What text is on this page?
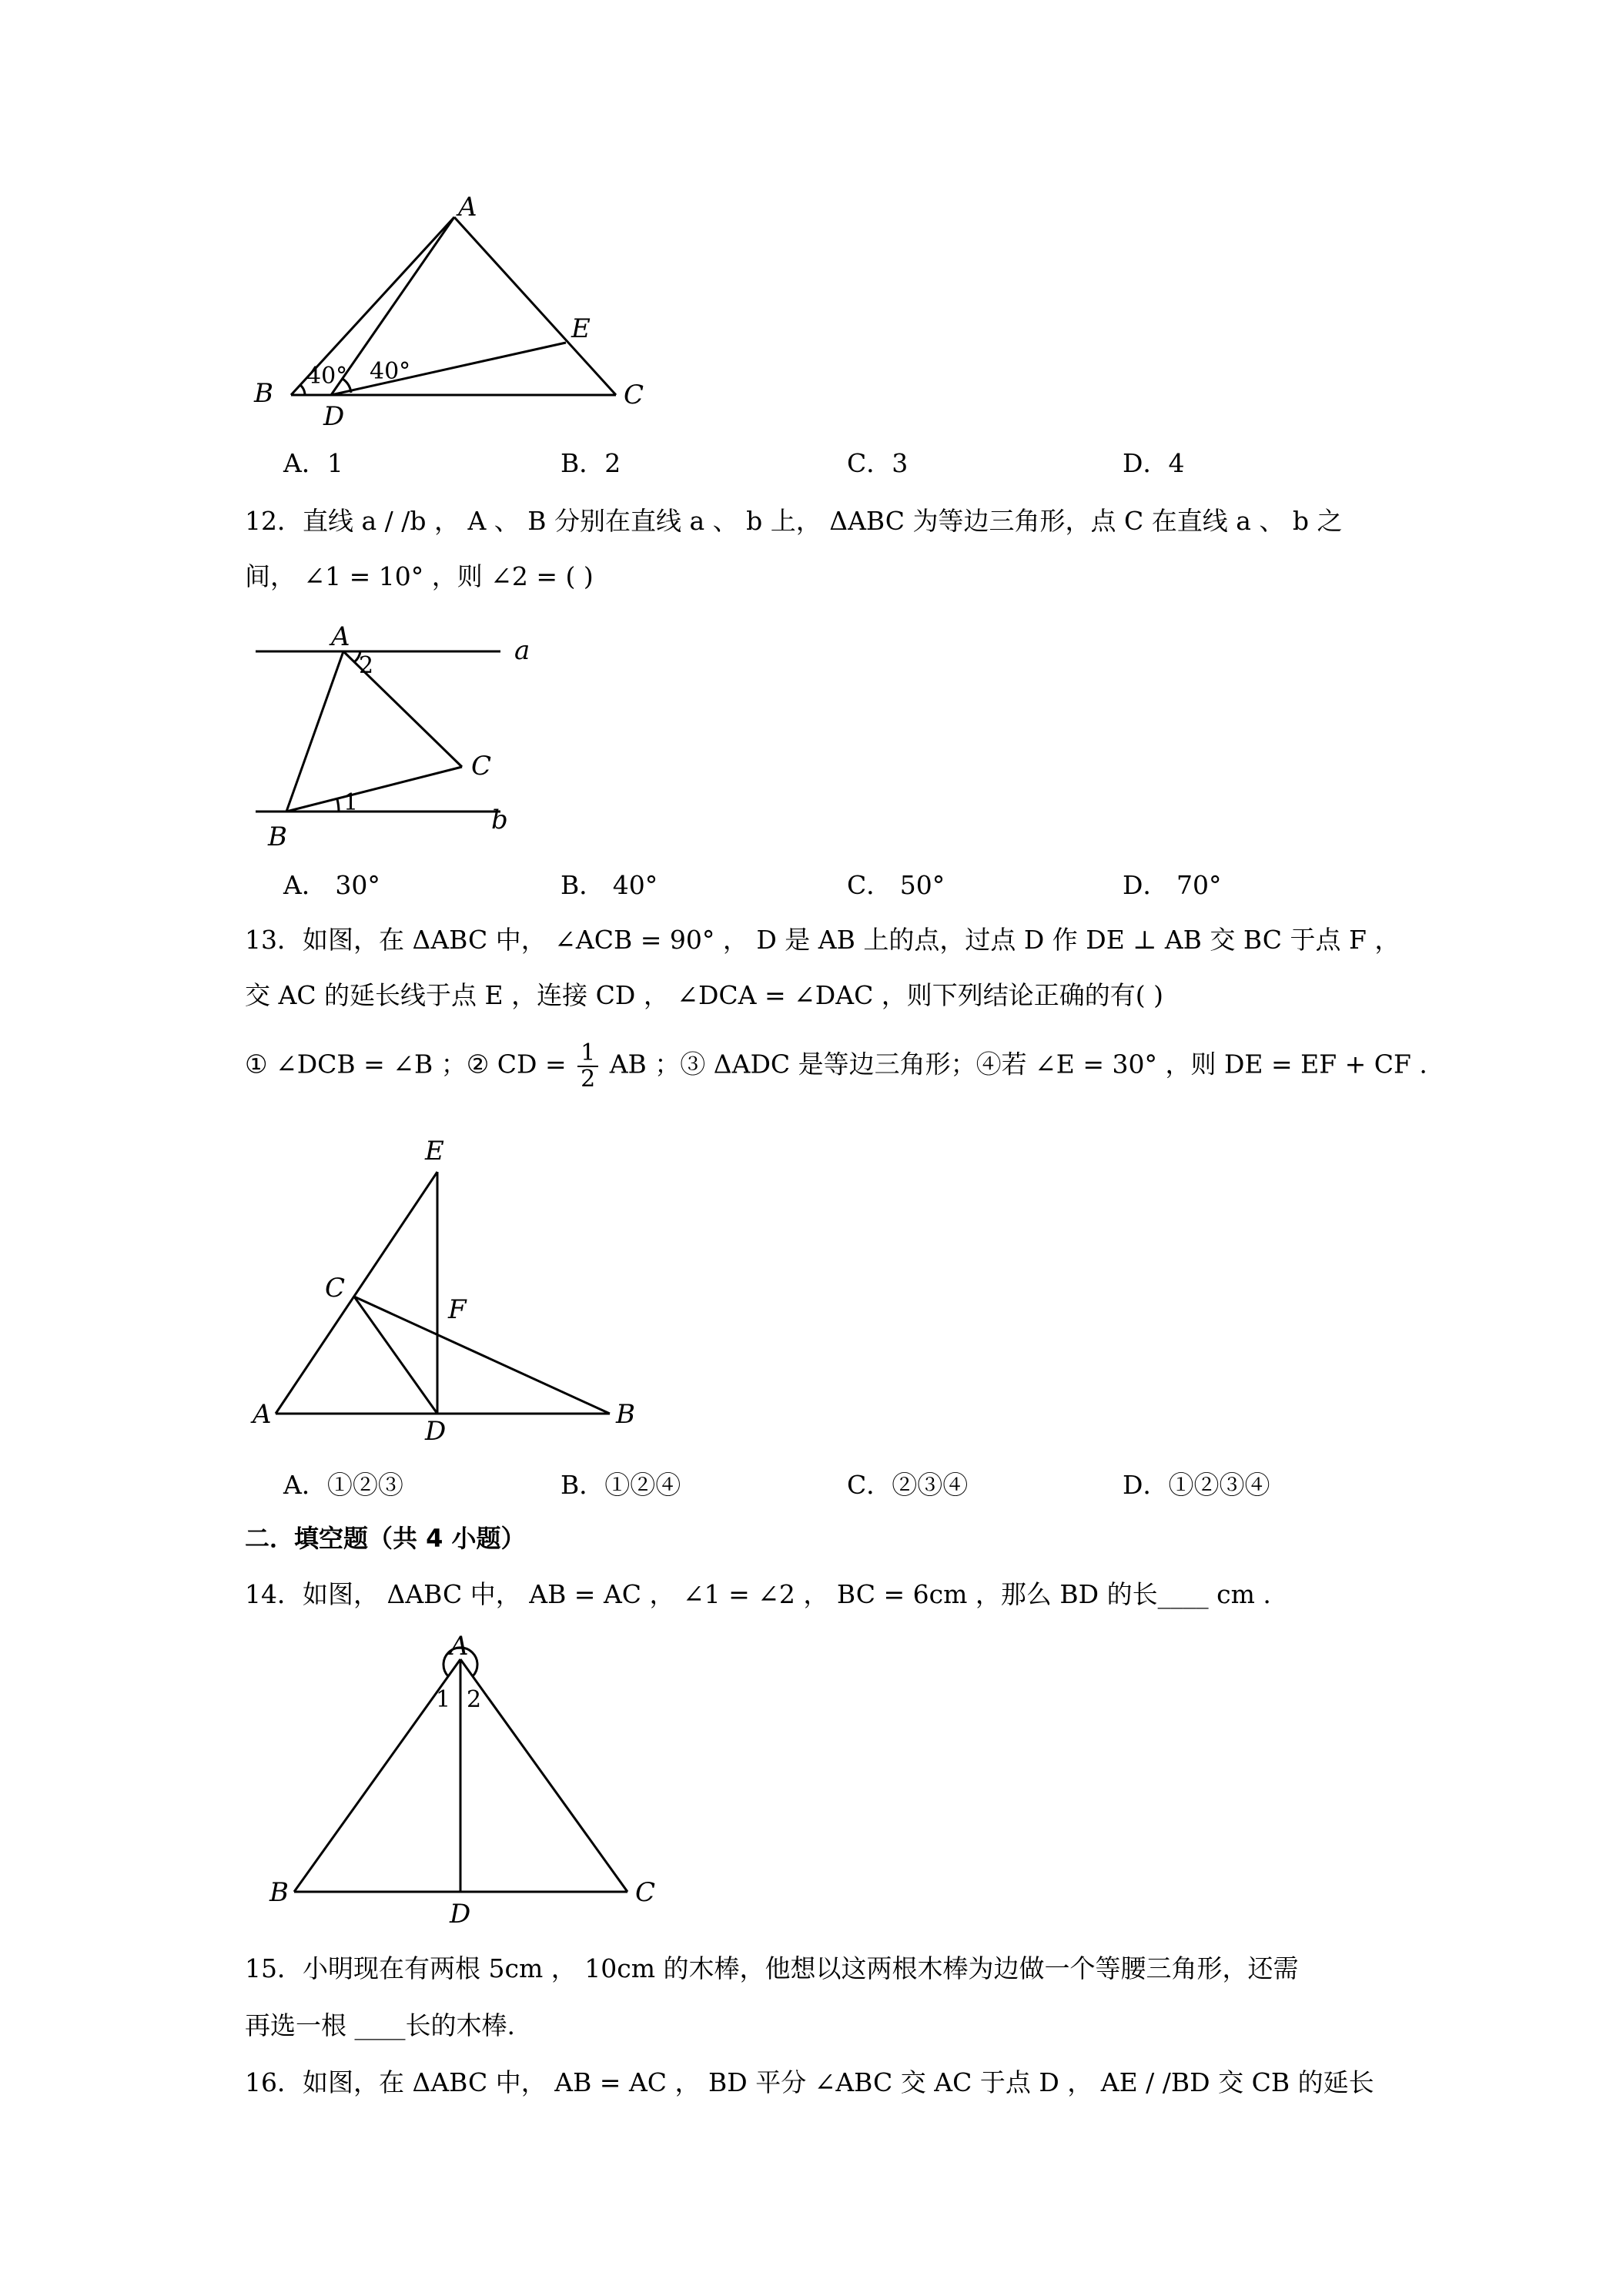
A
B	C
D
E
40° 40°
A．1	B．2	C．3	D．4
12．直线 a / /b ， A 、 B 分别在直线 a 、 b 上， ΔABC 为等边三角形，点 C 在直线 a 、 b 之
间， ∠1 = 10° ，则 ∠2 = ( )
A
B
C
a
b
2
1
A． 30°	B． 40°	C． 50°	D． 70°
13．如图，在 ΔABC 中， ∠ACB = 90° ， D 是 AB 上的点，过点 D 作 DE ⊥ AB 交 BC 于点 F ，
交 AC 的延长线于点 E ，连接 CD ， ∠DCA = ∠DAC ，则下列结论正确的有( )
① ∠DCB = ∠B ；② CD = $\frac{1}{2}$ AB ；③ ΔADC 是等边三角形；④若 ∠E = 30° ，则 DE = EF + CF .
E
C
F
A
D
B
A．①②③	B．①②④	C．②③④	D．①②③④
二．填空题（共 4 小题）
14．如图， ΔABC 中， AB = AC ， ∠1 = ∠2 ， BC = 6cm ，那么 BD 的长____ cm .
A
B	C
D
1 2
15．小明现在有两根 5cm ， 10cm 的木棒，他想以这两根木棒为边做一个等腰三角形，还需
再选一根 ____长的木棒.
16．如图，在 ΔABC 中， AB = AC ， BD 平分 ∠ABC 交 AC 于点 D ， AE / /BD 交 CB 的延长
